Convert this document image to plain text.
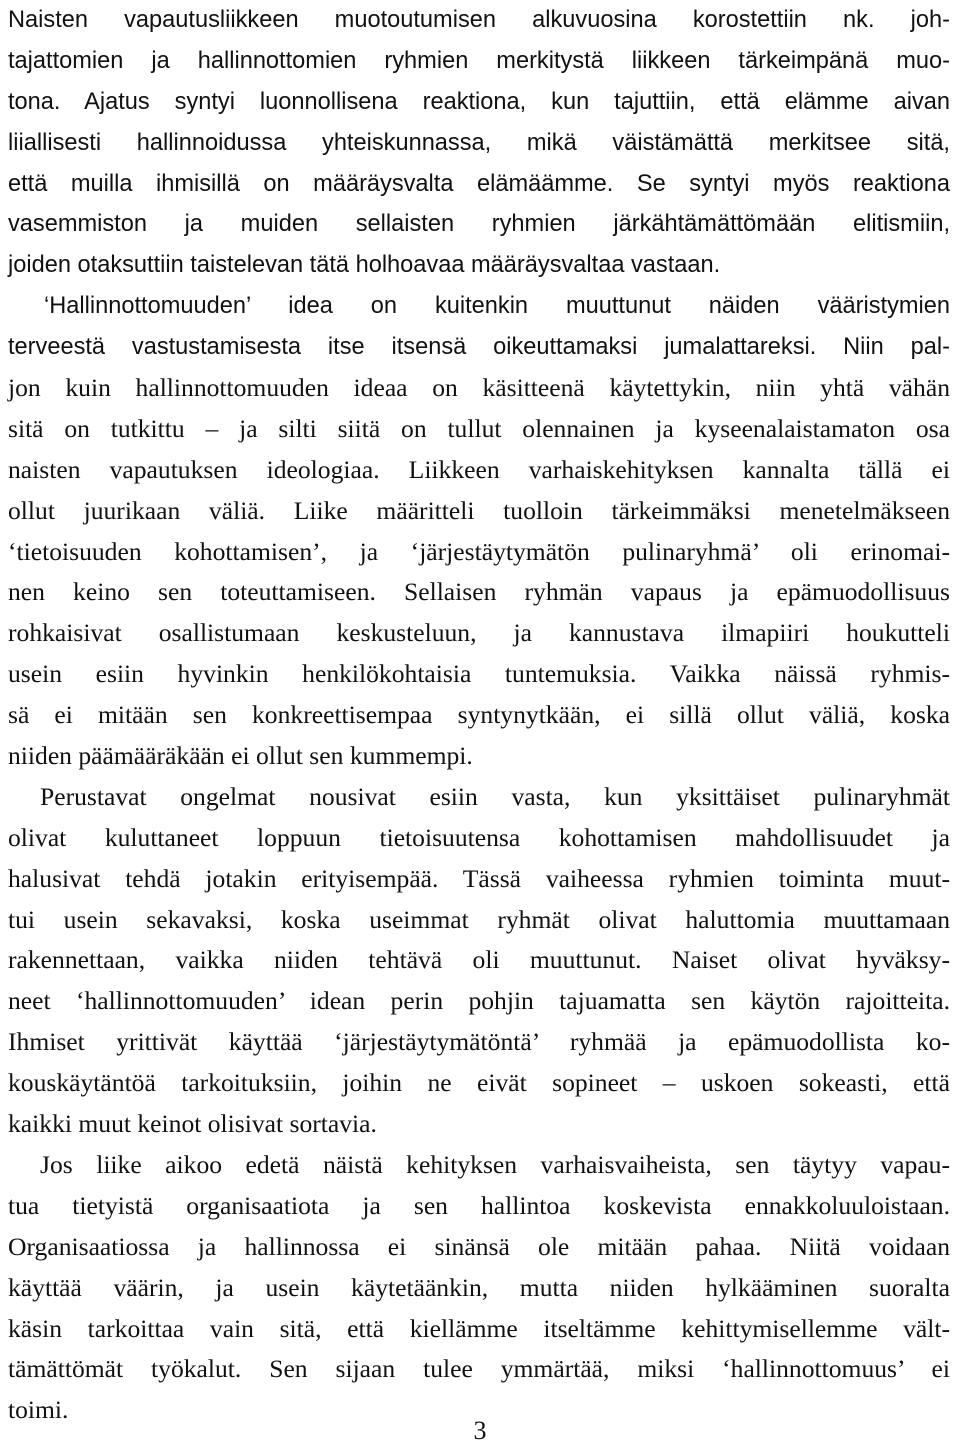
Naisten vapautusliikkeen muotoutumisen alkuvuosina korostettiin nk. joh-
tajattomien ja hallinnottomien ryhmien merkitystä liikkeen tärkeimpänä muo-
tona. Ajatus syntyi luonnollisena reaktiona, kun tajuttiin, että elämme aivan
liiallisesti hallinnoidussa yhteiskunnassa, mikä väistämättä merkitsee sitä,
että muilla ihmisillä on määräysvalta elämäämme. Se syntyi myös reaktiona
vasemmiston ja muiden sellaisten ryhmien järkähtämättömään elitismiin,
joiden otaksuttiin taistelevan tätä holhoavaa määräysvaltaa vastaan.
‘Hallinnottomuuden’ idea on kuitenkin muuttunut näiden vääristymien
terveestä vastustamisesta itse itsensä oikeuttamaksi jumalattareksi. Niin pal-
jon kuin hallinnottomuuden ideaa on käsitteenä käytettykin, niin yhtä vähän
sitä on tutkittu – ja silti siitä on tullut olennainen ja kyseenalaistamaton osa
naisten vapautuksen ideologiaa. Liikkeen varhaiskehityksen kannalta tällä ei
ollut juurikaan väliä. Liike määritteli tuolloin tärkeimmäksi menetelmäkseen
‘tietoisuuden kohottamisen’, ja ‘järjestäytymätön pulinaryhmä’ oli erinomai-
nen keino sen toteuttamiseen. Sellaisen ryhmän vapaus ja epämuodollisuus
rohkaisivat osallistumaan keskusteluun, ja kannustava ilmapiiri houkutteli
usein esiin hyvinkin henkilökohtaisia tuntemuksia. Vaikka näissä ryhmis-
sä ei mitään sen konkreettisempaa syntynytkään, ei sillä ollut väliä, koska
niiden päämääräkään ei ollut sen kummempi.
Perustavat ongelmat nousivat esiin vasta, kun yksittäiset pulinaryhmät
olivat kuluttaneet loppuun tietoisuutensa kohottamisen mahdollisuudet ja
halusivat tehdä jotakin erityisempää. Tässä vaiheessa ryhmien toiminta muut-
tui usein sekavaksi, koska useimmat ryhmät olivat haluttomia muuttamaan
rakennettaan, vaikka niiden tehtävä oli muuttunut. Naiset olivat hyväksy-
neet ‘hallinnottomuuden’ idean perin pohjin tajuamatta sen käytön rajoitteita.
Ihmiset yrittivät käyttää ‘järjestäytymätöntä’ ryhmää ja epämuodollista ko-
kouskäytäntöä tarkoituksiin, joihin ne eivät sopineet – uskoen sokeasti, että
kaikki muut keinot olisivat sortavia.
Jos liike aikoo edetä näistä kehityksen varhaisvaiheista, sen täytyy vapau-
tua tietyistä organisaatiota ja sen hallintoa koskevista ennakkoluuloistaan.
Organisaatiossa ja hallinnossa ei sinänsä ole mitään pahaa. Niitä voidaan
käyttää väärin, ja usein käytetäänkin, mutta niiden hylkääminen suoralta
käsin tarkoittaa vain sitä, että kiellämme itseltämme kehittymisellemme vält-
tämättömät työkalut. Sen sijaan tulee ymmärtää, miksi ‘hallinnottomuus’ ei
toimi.
3
